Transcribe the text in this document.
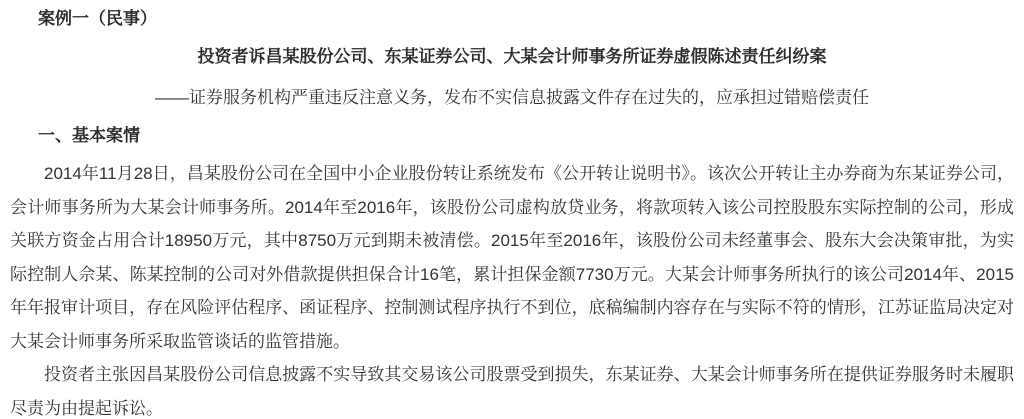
案例一（民事）
投资者诉昌某股份公司、东某证券公司、大某会计师事务所证券虚假陈述责任纠纷案
——证券服务机构严重违反注意义务，发布不实信息披露文件存在过失的，应承担过错赔偿责任
一、基本案情

2014年11月28日，昌某股份公司在全国中小企业股份转让系统发布《公开转让说明书》。该次公开转让主办券商为东某证券公司，会计师事务所为大某会计师事务所。2014年至2016年，该股份公司虚构放贷业务，将款项转入该公司控股股东实际控制的公司，形成关联方资金占用合计18950万元，其中8750万元到期未被清偿。2015年至2016年，该股份公司未经董事会、股东大会决策审批，为实际控制人佘某、陈某控制的公司对外借款提供担保合计16笔，累计担保金额7730万元。大某会计师事务所执行的该公司2014年、2015年年报审计项目，存在风险评估程序、函证程序、控制测试程序执行不到位，底稿编制内容存在与实际不符的情形，江苏证监局决定对大某会计师事务所采取监管谈话的监管措施。

投资者主张因昌某股份公司信息披露不实导致其交易该公司股票受到损失，东某证券、大某会计师事务所在提供证券服务时未履职尽责为由提起诉讼。
